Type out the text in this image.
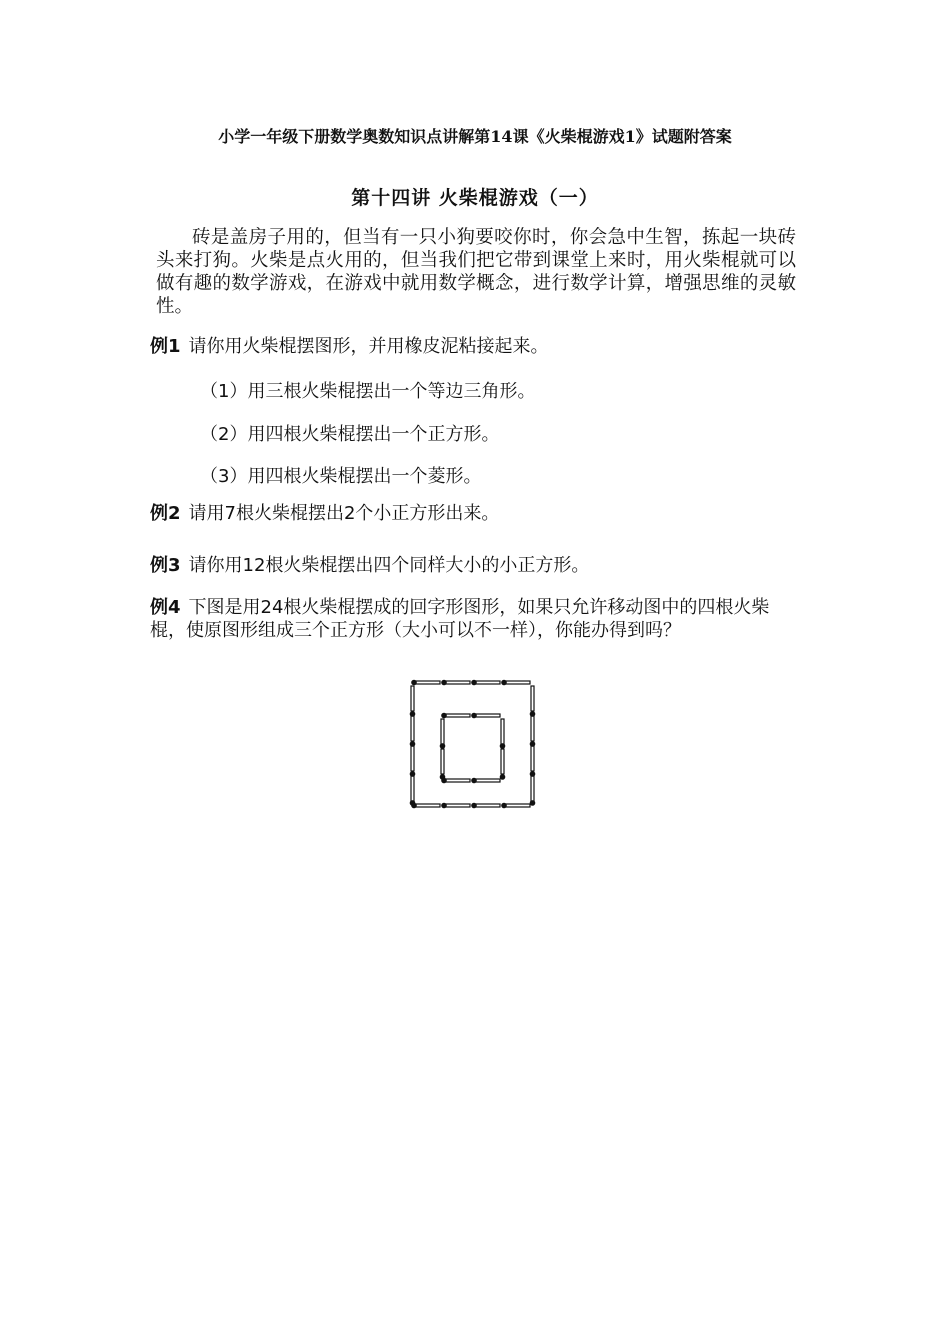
小学一年级下册数学奥数知识点讲解第14课《火柴棍游戏1》试题附答案
第十四讲 火柴棍游戏（一）

砖是盖房子用的，但当有一只小狗要咬你时，你会急中生智，拣起一块砖头来打狗。火柴是点火用的，但当我们把它带到课堂上来时，用火柴棍就可以做有趣的数学游戏，在游戏中就用数学概念，进行数学计算，增强思维的灵敏性。

例1 请你用火柴棍摆图形，并用橡皮泥粘接起来。

（1）用三根火柴棍摆出一个等边三角形。

（2）用四根火柴棍摆出一个正方形。

（3）用四根火柴棍摆出一个菱形。

例2 请用7根火柴棍摆出2个小正方形出来。

例3 请你用12根火柴棍摆出四个同样大小的小正方形。

例4 下图是用24根火柴棍摆成的回字形图形，如果只允许移动图中的四根火柴棍，使原图形组成三个正方形（大小可以不一样），你能办得到吗？
